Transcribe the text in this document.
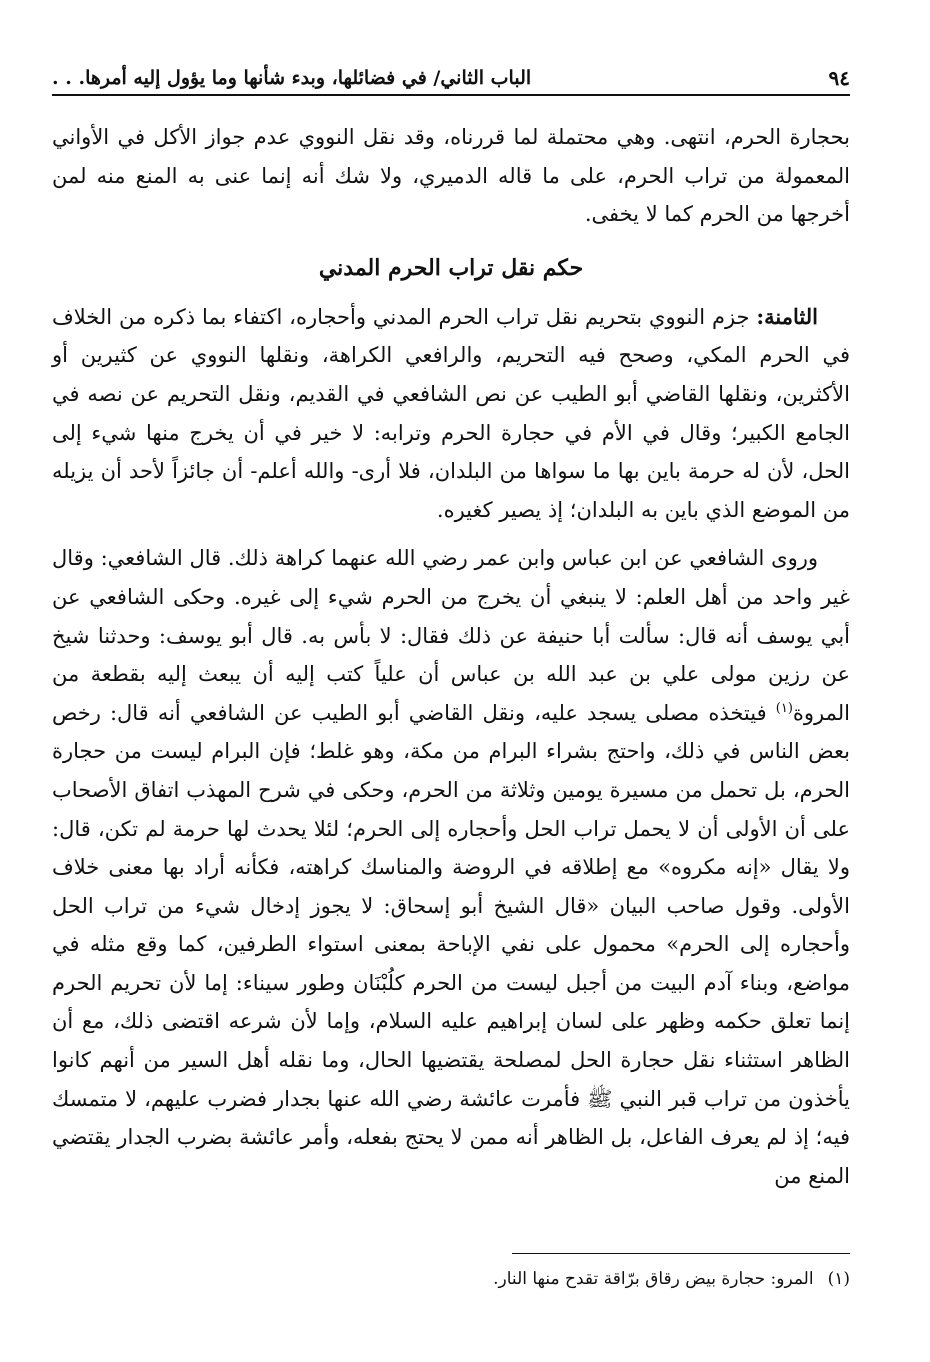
٩٤
الباب الثاني/ في فضائلها، وبدء شأنها وما يؤول إليه أمرها. . .

بحجارة الحرم، انتهى. وهي محتملة لما قررناه، وقد نقل النووي عدم جواز الأكل في الأواني المعمولة من تراب الحرم، على ما قاله الدميري، ولا شك أنه إنما عنى به المنع منه لمن أخرجها من الحرم كما لا يخفى.

حكم نقل تراب الحرم المدني

الثامنة: جزم النووي بتحريم نقل تراب الحرم المدني وأحجاره، اكتفاء بما ذكره من الخلاف في الحرم المكي، وصحح فيه التحريم، والرافعي الكراهة، ونقلها النووي عن كثيرين أو الأكثرين، ونقلها القاضي أبو الطيب عن نص الشافعي في القديم، ونقل التحريم عن نصه في الجامع الكبير؛ وقال في الأم في حجارة الحرم وترابه: لا خير في أن يخرج منها شيء إلى الحل، لأن له حرمة باين بها ما سواها من البلدان، فلا أرى- والله أعلم- أن جائزاً لأحد أن يزيله من الموضع الذي باين به البلدان؛ إذ يصير كغيره.

وروى الشافعي عن ابن عباس وابن عمر رضي الله عنهما كراهة ذلك. قال الشافعي: وقال غير واحد من أهل العلم: لا ينبغي أن يخرج من الحرم شيء إلى غيره. وحكى الشافعي عن أبي يوسف أنه قال: سألت أبا حنيفة عن ذلك فقال: لا بأس به. قال أبو يوسف: وحدثنا شيخ عن رزين مولى علي بن عبد الله بن عباس أن علياً كتب إليه أن يبعث إليه بقطعة من المروة$^{(١)}$ فيتخذه مصلى يسجد عليه، ونقل القاضي أبو الطيب عن الشافعي أنه قال: رخص بعض الناس في ذلك، واحتج بشراء البرام من مكة، وهو غلط؛ فإن البرام ليست من حجارة الحرم، بل تحمل من مسيرة يومين وثلاثة من الحرم، وحكى في شرح المهذب اتفاق الأصحاب على أن الأولى أن لا يحمل تراب الحل وأحجاره إلى الحرم؛ لئلا يحدث لها حرمة لم تكن، قال: ولا يقال «إنه مكروه» مع إطلاقه في الروضة والمناسك كراهته، فكأنه أراد بها معنى خلاف الأولى. وقول صاحب البيان «قال الشيخ أبو إسحاق: لا يجوز إدخال شيء من تراب الحل وأحجاره إلى الحرم» محمول على نفي الإباحة بمعنى استواء الطرفين، كما وقع مثله في مواضع، وبناء آدم البيت من أجبل ليست من الحرم كلُبْنَان وطور سيناء: إما لأن تحريم الحرم إنما تعلق حكمه وظهر على لسان إبراهيم عليه السلام، وإما لأن شرعه اقتضى ذلك، مع أن الظاهر استثناء نقل حجارة الحل لمصلحة يقتضيها الحال، وما نقله أهل السير من أنهم كانوا يأخذون من تراب قبر النبي ﷺ فأمرت عائشة رضي الله عنها بجدار فضرب عليهم، لا متمسك فيه؛ إذ لم يعرف الفاعل، بل الظاهر أنه ممن لا يحتج بفعله، وأمر عائشة بضرب الجدار يقتضي المنع من

(١)المرو: حجارة بيض رقاق برّاقة تقدح منها النار.
